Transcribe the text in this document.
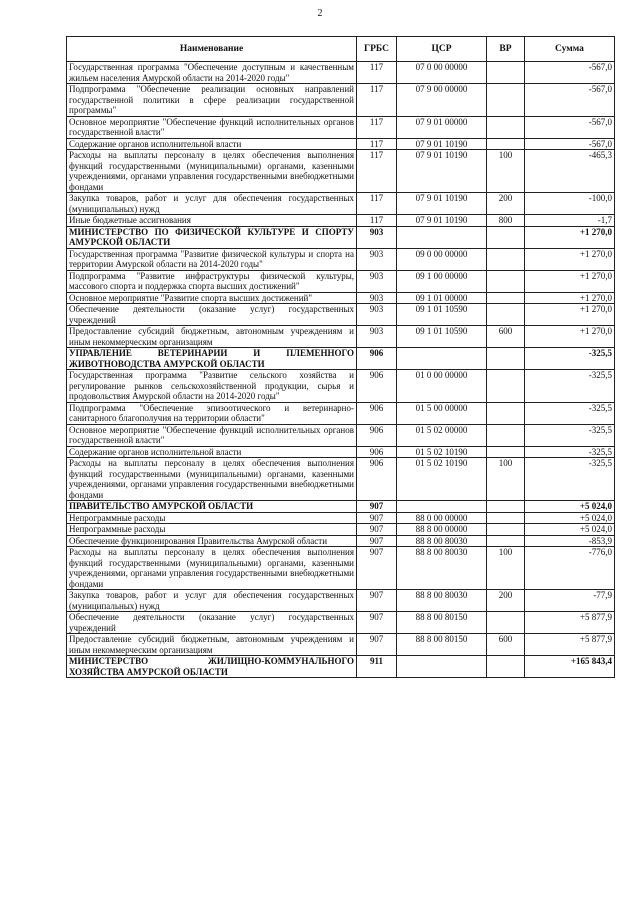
2
Наименование	ГРБС	ЦСР	ВР	Сумма
Государственная программа "Обеспечение доступным и качественным жильем населения Амурской области на 2014-2020 годы"	117	07 0 00 00000		-567,0
Подпрограмма "Обеспечение реализации основных направлений государственной политики в сфере реализации государственной программы"	117	07 9 00 00000		-567,0
Основное мероприятие "Обеспечение функций исполнительных органов государственной власти"	117	07 9 01 00000		-567,0
Содержание органов исполнительной власти	117	07 9 01 10190		-567,0
Расходы на выплаты персоналу в целях обеспечения выполнения функций государственными (муниципальными) органами, казенными учреждениями, органами управления государственными внебюджетными фондами	117	07 9 01 10190	100	-465,3
Закупка товаров, работ и услуг для обеспечения государственных (муниципальных) нужд	117	07 9 01 10190	200	-100,0
Иные бюджетные ассигнования	117	07 9 01 10190	800	-1,7
МИНИСТЕРСТВО ПО ФИЗИЧЕСКОЙ КУЛЬТУРЕ И СПОРТУ АМУРСКОЙ ОБЛАСТИ	903			+1 270,0
Государственная программа "Развитие физической культуры и спорта на территории Амурской области на 2014-2020 годы"	903	09 0 00 00000		+1 270,0
Подпрограмма "Развитие инфраструктуры физической культуры, массового спорта и поддержка спорта высших достижений"	903	09 1 00 00000		+1 270,0
Основное мероприятие "Развитие спорта высших достижений"	903	09 1 01 00000		+1 270,0
Обеспечение деятельности (оказание услуг) государственных учреждений	903	09 1 01 10590		+1 270,0
Предоставление субсидий бюджетным, автономным учреждениям и иным некоммерческим организациям	903	09 1 01 10590	600	+1 270,0
УПРАВЛЕНИЕ ВЕТЕРИНАРИИ И ПЛЕМЕННОГО ЖИВОТНОВОДСТВА АМУРСКОЙ ОБЛАСТИ	906			-325,5
Государственная программа "Развитие сельского хозяйства и регулирование рынков сельскохозяйственной продукции, сырья и продовольствия Амурской области на 2014-2020 годы"	906	01 0 00 00000		-325,5
Подпрограмма "Обеспечение эпизоотического и ветеринарно-санитарного благополучия на территории области"	906	01 5 00 00000		-325,5
Основное мероприятие "Обеспечение функций исполнительных органов государственной власти"	906	01 5 02 00000		-325,5
Содержание органов исполнительной власти	906	01 5 02 10190		-325,5
Расходы на выплаты персоналу в целях обеспечения выполнения функций государственными (муниципальными) органами, казенными учреждениями, органами управления государственными внебюджетными фондами	906	01 5 02 10190	100	-325,5
ПРАВИТЕЛЬСТВО АМУРСКОЙ ОБЛАСТИ	907			+5 024,0
Непрограммные расходы	907	88 0 00 00000		+5 024,0
Непрограммные расходы	907	88 8 00 00000		+5 024,0
Обеспечение функционирования Правительства Амурской области	907	88 8 00 80030		-853,9
Расходы на выплаты персоналу в целях обеспечения выполнения функций государственными (муниципальными) органами, казенными учреждениями, органами управления государственными внебюджетными фондами	907	88 8 00 80030	100	-776,0
Закупка товаров, работ и услуг для обеспечения государственных (муниципальных) нужд	907	88 8 00 80030	200	-77,9
Обеспечение деятельности (оказание услуг) государственных учреждений	907	88 8 00 80150		+5 877,9
Предоставление субсидий бюджетным, автономным учреждениям и иным некоммерческим организациям	907	88 8 00 80150	600	+5 877,9
МИНИСТЕРСТВО ЖИЛИЩНО-КОММУНАЛЬНОГО ХОЗЯЙСТВА АМУРСКОЙ ОБЛАСТИ	911			+165 843,4
